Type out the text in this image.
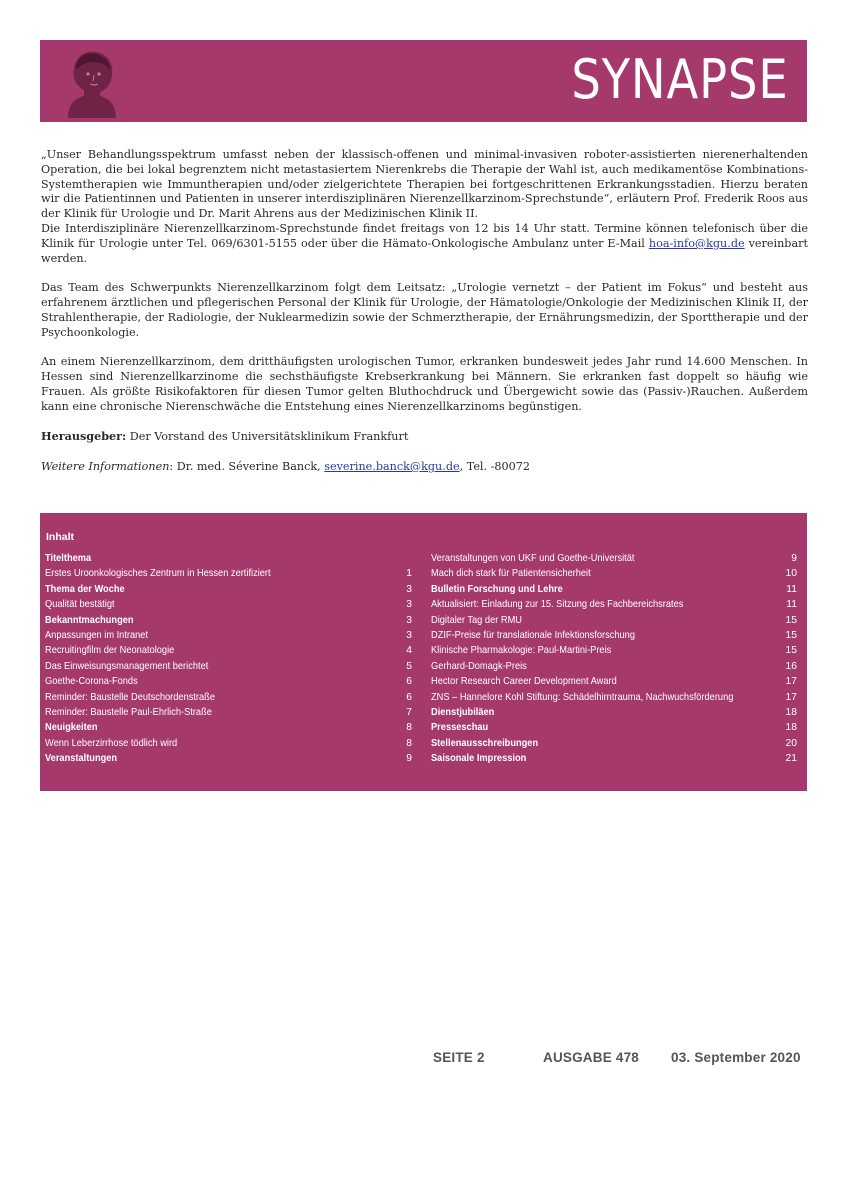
SYNAPSE

„Unser Behandlungsspektrum umfasst neben der klassisch-offenen und minimal-invasiven roboter-assistierten nierenerhaltenden Operation, die bei lokal begrenztem nicht metastasiertem Nierenkrebs die Therapie der Wahl ist, auch medikamentöse Kombinations-Systemtherapien wie Immuntherapien und/oder zielgerichtete Therapien bei fortgeschrittenen Erkrankungsstadien. Hierzu beraten wir die Patientinnen und Patienten in unserer interdisziplinären Nierenzellkarzinom-Sprechstunde“, erläutern Prof. Frederik Roos aus der Klinik für Urologie und Dr. Marit Ahrens aus der Medizinischen Klinik II.

Die Interdisziplinäre Nierenzellkarzinom-Sprechstunde findet freitags von 12 bis 14 Uhr statt. Termine können telefonisch über die Klinik für Urologie unter Tel. 069/6301-5155 oder über die Hämato-Onkologische Ambulanz unter E-Mail hoa-info@kgu.de vereinbart werden.

Das Team des Schwerpunkts Nierenzellkarzinom folgt dem Leitsatz: „Urologie vernetzt – der Patient im Fokus“ und besteht aus erfahrenem ärztlichen und pflegerischen Personal der Klinik für Urologie, der Hämatologie/Onkologie der Medizinischen Klinik II, der Strahlentherapie, der Radiologie, der Nuklearmedizin sowie der Schmerztherapie, der Ernährungsmedizin, der Sporttherapie und der Psychoonkologie.

An einem Nierenzellkarzinom, dem dritthäufigsten urologischen Tumor, erkranken bundesweit jedes Jahr rund 14.600 Menschen. In Hessen sind Nierenzellkarzinome die sechsthäufigste Krebserkrankung bei Männern. Sie erkranken fast doppelt so häufig wie Frauen. Als größte Risikofaktoren für diesen Tumor gelten Bluthochdruck und Übergewicht sowie das (Passiv-)Rauchen. Außerdem kann eine chronische Nierenschwäche die Entstehung eines Nierenzellkarzinoms begünstigen.

Herausgeber: Der Vorstand des Universitätsklinikum Frankfurt

Weitere Informationen: Dr. med. Séverine Banck, severine.banck@kgu.de, Tel. -80072

Inhalt
Titelthema
Erstes Uroonkologisches Zentrum in Hessen zertifiziert	1
Thema der Woche	3
Qualität bestätigt	3
Bekanntmachungen	3
Anpassungen im Intranet	3
Recruitingfilm der Neonatologie	4
Das Einweisungsmanagement berichtet	5
Goethe-Corona-Fonds	6
Reminder: Baustelle Deutschordenstraße	6
Reminder: Baustelle Paul-Ehrlich-Straße	7
Neuigkeiten	8
Wenn Leberzirrhose tödlich wird	8
Veranstaltungen	9
Veranstaltungen von UKF und Goethe-Universität	9
Mach dich stark für Patientensicherheit	10
Bulletin Forschung und Lehre	11
Aktualisiert: Einladung zur 15. Sitzung des Fachbereichsrates	11
Digitaler Tag der RMU	15
DZIF-Preise für translationale Infektionsforschung	15
Klinische Pharmakologie: Paul-Martini-Preis	15
Gerhard-Domagk-Preis	16
Hector Research Career Development Award	17
ZNS – Hannelore Kohl Stiftung: Schädelhirntrauma, Nachwuchsförderung	17
Dienstjubiläen	18
Presseschau	18
Stellenausschreibungen	20
Saisonale Impression	21
SEITE 2	AUSGABE 478 03. September 2020
